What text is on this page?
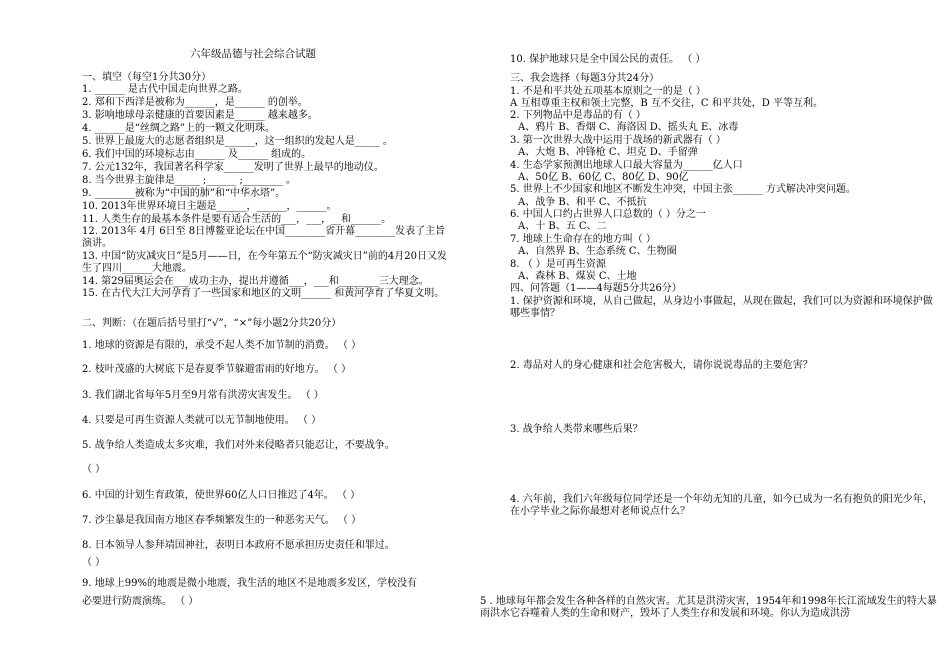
六年级品德与社会综合试题
一、填空（每空1分共30分）
1. ______ 是古代中国走向世界之路。
2. 郑和下西洋是被称为______，是______ 的创举。
3. 影响地球母亲健康的首要因素是______ 越来越多。
4. ______是“丝绸之路”上的一颗文化明珠。
5. 世界上最庞大的志愿者组织是______，这一组织的发起人是_____ 。
6. 我们中国的环境标志由______ 及______ 组成的。
7. 公元132年，我国著名科学家______发明了世界上最早的地动仪。
8. 当今世界主旋律是_____ ;______ ;________ 。
9. ________被称为“中国的肺”和“中华水塔”。
10. 2013年世界环境日主题是______，______，______。
11. 人类生存的最基本条件是要有适合生活的___，___，__和______。
12. 2013年 4月 6日至 8日博鳌亚论坛在中国________省开幕________发表了主旨演讲。
13. 中国“防灾减灾日”是5月——日，在今年第五个“防灾减灾日”前的4月20日又发生了四川______大地震。
14. 第29届奥运会在___成功主办，提出并遵循___，___和________三大理念。
15. 在古代大江大河孕育了一些国家和地区的文明______ 和黄河孕育了华夏文明。
二、判断：（在题后括号里打“√”，“×”每小题2分共20分）
1. 地球的资源是有限的，承受不起人类不加节制的消费。 （ ）
2. 枝叶茂盛的大树底下是春夏季节躲避雷雨的好地方。 （ ）
3. 我们湖北省每年5月至9月常有洪涝灾害发生。 （ ）
4. 只要是可再生资源人类就可以无节制地使用。 （ ）
5. 战争给人类造成太多灾难，我们对外来侵略者只能忍让，不要战争。
（ ）
6. 中国的计划生育政策，使世界60亿人口日推迟了4年。 （ ）
7. 沙尘暴是我国南方地区春季频繁发生的一种恶劣天气。 （ ）
8. 日本领导人参拜靖国神社，表明日本政府不愿承担历史责任和罪过。
（ ）
9. 地球上99%的地震是微小地震，我生活的地区不是地震多发区，学校没有
必要进行防震演练。 （ ）
10. 保护地球只是全中国公民的责任。 （ ）
三、我会选择（每题3分共24分）
1. 不是和平共处五项基本原则之一的是（ ）
A 互相尊重主权和领土完整，B 互不交往，C 和平共处，D 平等互利。
2. 下列物品中是毒品的有（ ）
A、鸦片 B、香烟 C、海洛因 D、摇头丸 E、冰毒
3. 第一次世界大战中运用于战场的新武器有（ ）
A、大炮 B、冲锋枪 C、坦克 D、手留弹
4. 生态学家预测出地球人口最大容量为______亿人口
A、50亿 B、60亿 C、80亿 D、90亿
5. 世界上不少国家和地区不断发生冲突，中国主张______ 方式解决冲突问题。
A、战争 B、和平 C、不抵抗
6. 中国人口约占世界人口总数的（ ）分之一
A、十 B、五 C、二
7. 地球上生命存在的地方叫（ ）
A、自然界 B、生态系统 C、生物圈
8. （ ）是可再生资源
A、森林 B、煤炭 C、土地
四、问答题（1——4每题5分共26分）
1. 保护资源和环境，从自己做起，从身边小事做起，从现在做起，我们可以为资源和环境保护做哪些事情？
2. 毒品对人的身心健康和社会危害极大，请你说说毒品的主要危害？
3. 战争给人类带来哪些后果？
4. 六年前，我们六年级每位同学还是一个年幼无知的儿童，如今已成为一名有抱负的阳光少年，在小学毕业之际你最想对老师说点什么？
5 . 地球每年都会发生各种各样的自然灾害。尤其是洪涝灾害，1954年和1998年长江流域发生的特大暴雨洪水它吞噬着人类的生命和财产，毁坏了人类生存和发展和环境。你认为造成洪涝
